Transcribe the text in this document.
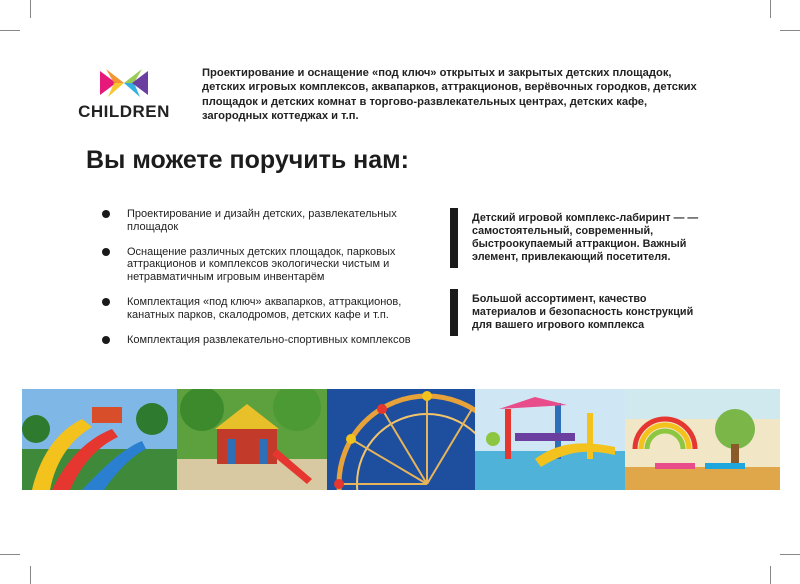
CHILDREN
Проектирование и оснащение «под ключ» открытых и закрытых детских площадок, детских игровых комплексов, аквапарков, аттракционов, верёвочных городков, детских площадок и детских комнат в торгово-развлекательных центрах, детских кафе, загородных коттеджах и т.п.
Вы можете поручить нам:
Проектирование и дизайн детских, развлекательных площадок
Оснащение различных детских площадок, парковых аттракционов и комплексов экологически чистым и нетравматичным игровым инвентарём
Комплектация «под ключ» аквапарков, аттракционов, канатных парков, скалодромов, детских кафе и т.п.
Комплектация развлекательно-спортивных комплексов
Детский игровой комплекс-лабиринт — — самостоятельный, современный, быстроокупаемый аттракцион. Важный элемент, привлекающий посетителя.
Большой ассортимент, качество материалов и безопасность конструкций для вашего игрового комплекса
